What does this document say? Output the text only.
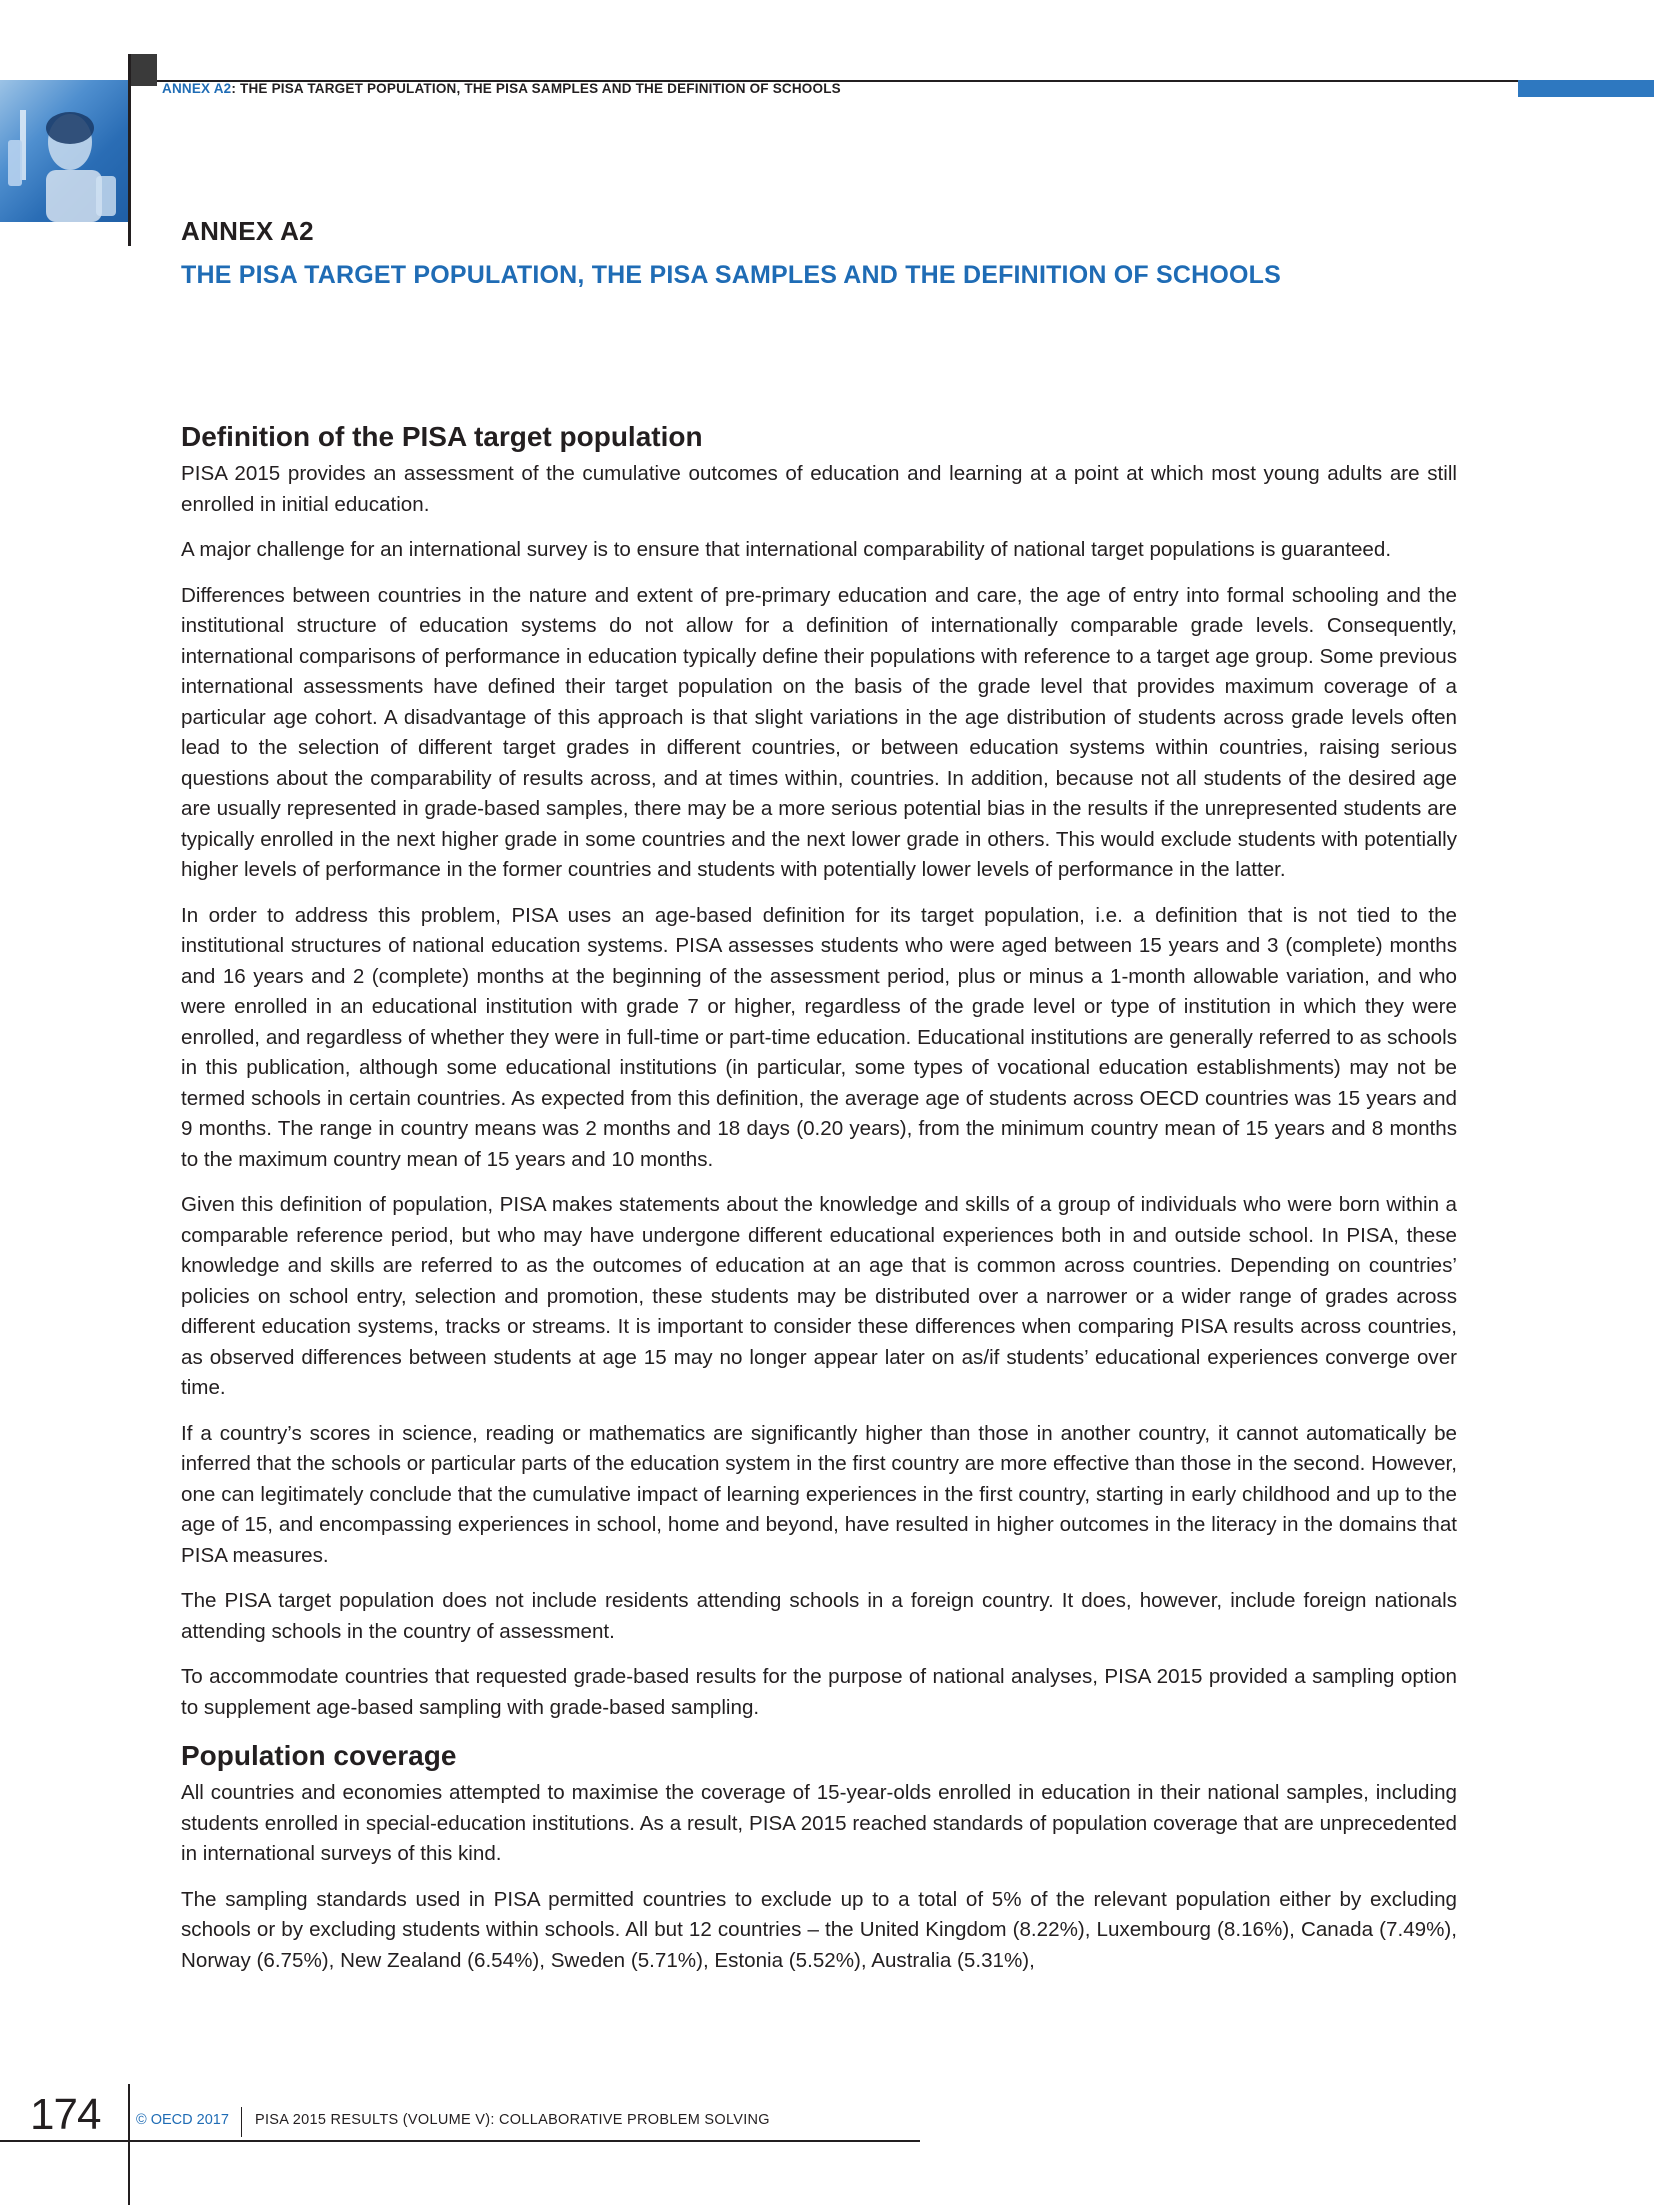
ANNEX A2: THE PISA TARGET POPULATION, THE PISA SAMPLES AND THE DEFINITION OF SCHOOLS
ANNEX A2
THE PISA TARGET POPULATION, THE PISA SAMPLES AND THE DEFINITION OF SCHOOLS
Definition of the PISA target population

PISA 2015 provides an assessment of the cumulative outcomes of education and learning at a point at which most young adults are still enrolled in initial education.

A major challenge for an international survey is to ensure that international comparability of national target populations is guaranteed.

Differences between countries in the nature and extent of pre-primary education and care, the age of entry into formal schooling and the institutional structure of education systems do not allow for a definition of internationally comparable grade levels. Consequently, international comparisons of performance in education typically define their populations with reference to a target age group. Some previous international assessments have defined their target population on the basis of the grade level that provides maximum coverage of a particular age cohort. A disadvantage of this approach is that slight variations in the age distribution of students across grade levels often lead to the selection of different target grades in different countries, or between education systems within countries, raising serious questions about the comparability of results across, and at times within, countries. In addition, because not all students of the desired age are usually represented in grade-based samples, there may be a more serious potential bias in the results if the unrepresented students are typically enrolled in the next higher grade in some countries and the next lower grade in others. This would exclude students with potentially higher levels of performance in the former countries and students with potentially lower levels of performance in the latter.

In order to address this problem, PISA uses an age-based definition for its target population, i.e. a definition that is not tied to the institutional structures of national education systems. PISA assesses students who were aged between 15 years and 3 (complete) months and 16 years and 2 (complete) months at the beginning of the assessment period, plus or minus a 1-month allowable variation, and who were enrolled in an educational institution with grade 7 or higher, regardless of the grade level or type of institution in which they were enrolled, and regardless of whether they were in full-time or part-time education. Educational institutions are generally referred to as schools in this publication, although some educational institutions (in particular, some types of vocational education establishments) may not be termed schools in certain countries. As expected from this definition, the average age of students across OECD countries was 15 years and 9 months. The range in country means was 2 months and 18 days (0.20 years), from the minimum country mean of 15 years and 8 months to the maximum country mean of 15 years and 10 months.

Given this definition of population, PISA makes statements about the knowledge and skills of a group of individuals who were born within a comparable reference period, but who may have undergone different educational experiences both in and outside school. In PISA, these knowledge and skills are referred to as the outcomes of education at an age that is common across countries. Depending on countries’ policies on school entry, selection and promotion, these students may be distributed over a narrower or a wider range of grades across different education systems, tracks or streams. It is important to consider these differences when comparing PISA results across countries, as observed differences between students at age 15 may no longer appear later on as/if students’ educational experiences converge over time.

If a country’s scores in science, reading or mathematics are significantly higher than those in another country, it cannot automatically be inferred that the schools or particular parts of the education system in the first country are more effective than those in the second. However, one can legitimately conclude that the cumulative impact of learning experiences in the first country, starting in early childhood and up to the age of 15, and encompassing experiences in school, home and beyond, have resulted in higher outcomes in the literacy in the domains that PISA measures.

The PISA target population does not include residents attending schools in a foreign country. It does, however, include foreign nationals attending schools in the country of assessment.

To accommodate countries that requested grade-based results for the purpose of national analyses, PISA 2015 provided a sampling option to supplement age-based sampling with grade-based sampling.

Population coverage

All countries and economies attempted to maximise the coverage of 15-year-olds enrolled in education in their national samples, including students enrolled in special-education institutions. As a result, PISA 2015 reached standards of population coverage that are unprecedented in international surveys of this kind.

The sampling standards used in PISA permitted countries to exclude up to a total of 5% of the relevant population either by excluding schools or by excluding students within schools. All but 12 countries – the United Kingdom (8.22%), Luxembourg (8.16%), Canada (7.49%), Norway (6.75%), New Zealand (6.54%), Sweden (5.71%), Estonia (5.52%), Australia (5.31%),

174 © OECD 2017 PISA 2015 RESULTS (VOLUME V): COLLABORATIVE PROBLEM SOLVING
